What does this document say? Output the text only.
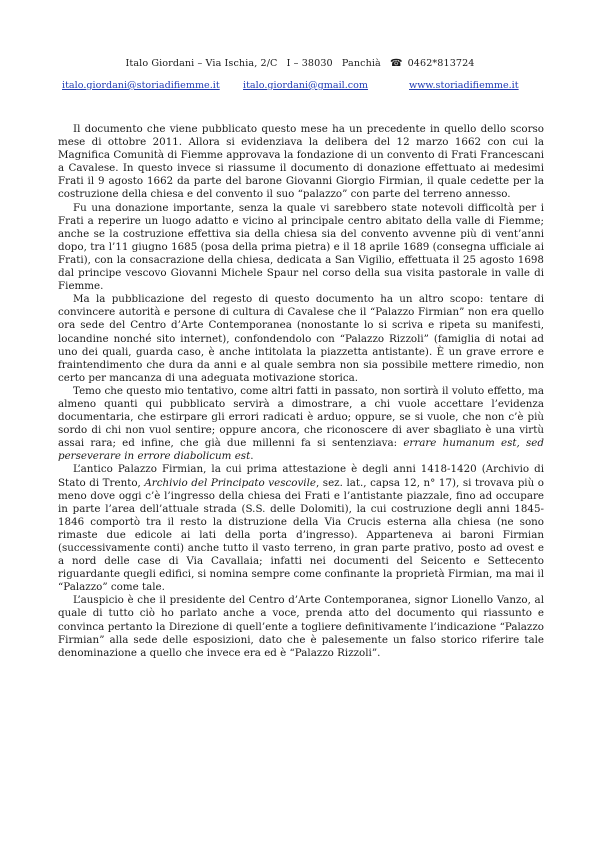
Italo Giordani – Via Ischia, 2/C I – 38030 Panchià ☎ 0462*813724
italo.giordani@storiadifiemme.it italo.giordani@gmail.com	www.storiadifiemme.it

Il documento che viene pubblicato questo mese ha un precedente in quello dello scorso mese di ottobre 2011. Allora si evidenziava la delibera del 12 marzo 1662 con cui la Magnifica Comunità di Fiemme approvava la fondazione di un convento di Frati Francescani a Cavalese. In questo invece si riassume il documento di donazione effettuato ai medesimi Frati il 9 agosto 1662 da parte del barone Giovanni Giorgio Firmian, il quale cedette per la costruzione della chiesa e del convento il suo “palazzo” con parte del terreno annesso.

Fu una donazione importante, senza la quale vi sarebbero state notevoli difficoltà per i Frati a reperire un luogo adatto e vicino al principale centro abitato della valle di Fiemme; anche se la costruzione effettiva sia della chiesa sia del convento avvenne più di vent’anni dopo, tra l’11 giugno 1685 (posa della prima pietra) e il 18 aprile 1689 (consegna ufficiale ai Frati), con la consacrazione della chiesa, dedicata a San Vigilio, effettuata il 25 agosto 1698 dal principe vescovo Giovanni Michele Spaur nel corso della sua visita pastorale in valle di Fiemme.

Ma la pubblicazione del regesto di questo documento ha un altro scopo: tentare di convincere autorità e persone di cultura di Cavalese che il “Palazzo Firmian” non era quello ora sede del Centro d’Arte Contemporanea (nonostante lo si scriva e ripeta su manifesti, locandine nonché sito internet), confondendolo con “Palazzo Rizzoli” (famiglia di notai ad uno dei quali, guarda caso, è anche intitolata la piazzetta antistante). È un grave errore e fraintendimento che dura da anni e al quale sembra non sia possibile mettere rimedio, non certo per mancanza di una adeguata motivazione storica.

Temo che questo mio tentativo, come altri fatti in passato, non sortirà il voluto effetto, ma almeno quanti qui pubblicato servirà a dimostrare, a chi vuole accettare l’evidenza documentaria, che estirpare gli errori radicati è arduo; oppure, se si vuole, che non c’è più sordo di chi non vuol sentire; oppure ancora, che riconoscere di aver sbagliato è una virtù assai rara; ed infine, che già due millenni fa si sentenziava: errare humanum est, sed perseverare in errore diabolicum est.

L’antico Palazzo Firmian, la cui prima attestazione è degli anni 1418-1420 (Archivio di Stato di Trento, Archivio del Principato vescovile, sez. lat., capsa 12, n° 17), si trovava più o meno dove oggi c’è l’ingresso della chiesa dei Frati e l’antistante piazzale, fino ad occupare in parte l’area dell’attuale strada (S.S. delle Dolomiti), la cui costruzione degli anni 1845-1846 comportò tra il resto la distruzione della Via Crucis esterna alla chiesa (ne sono rimaste due edicole ai lati della porta d’ingresso). Apparteneva ai baroni Firmian (successivamente conti) anche tutto il vasto terreno, in gran parte prativo, posto ad ovest e a nord delle case di Via Cavallaia; infatti nei documenti del Seicento e Settecento riguardante quegli edifici, si nomina sempre come confinante la proprietà Firmian, ma mai il “Palazzo” come tale.

L’auspicio è che il presidente del Centro d’Arte Contemporanea, signor Lionello Vanzo, al quale di tutto ciò ho parlato anche a voce, prenda atto del documento qui riassunto e convinca pertanto la Direzione di quell’ente a togliere definitivamente l’indicazione “Palazzo Firmian” alla sede delle esposizioni, dato che è palesemente un falso storico riferire tale denominazione a quello che invece era ed è “Palazzo Rizzoli”.
